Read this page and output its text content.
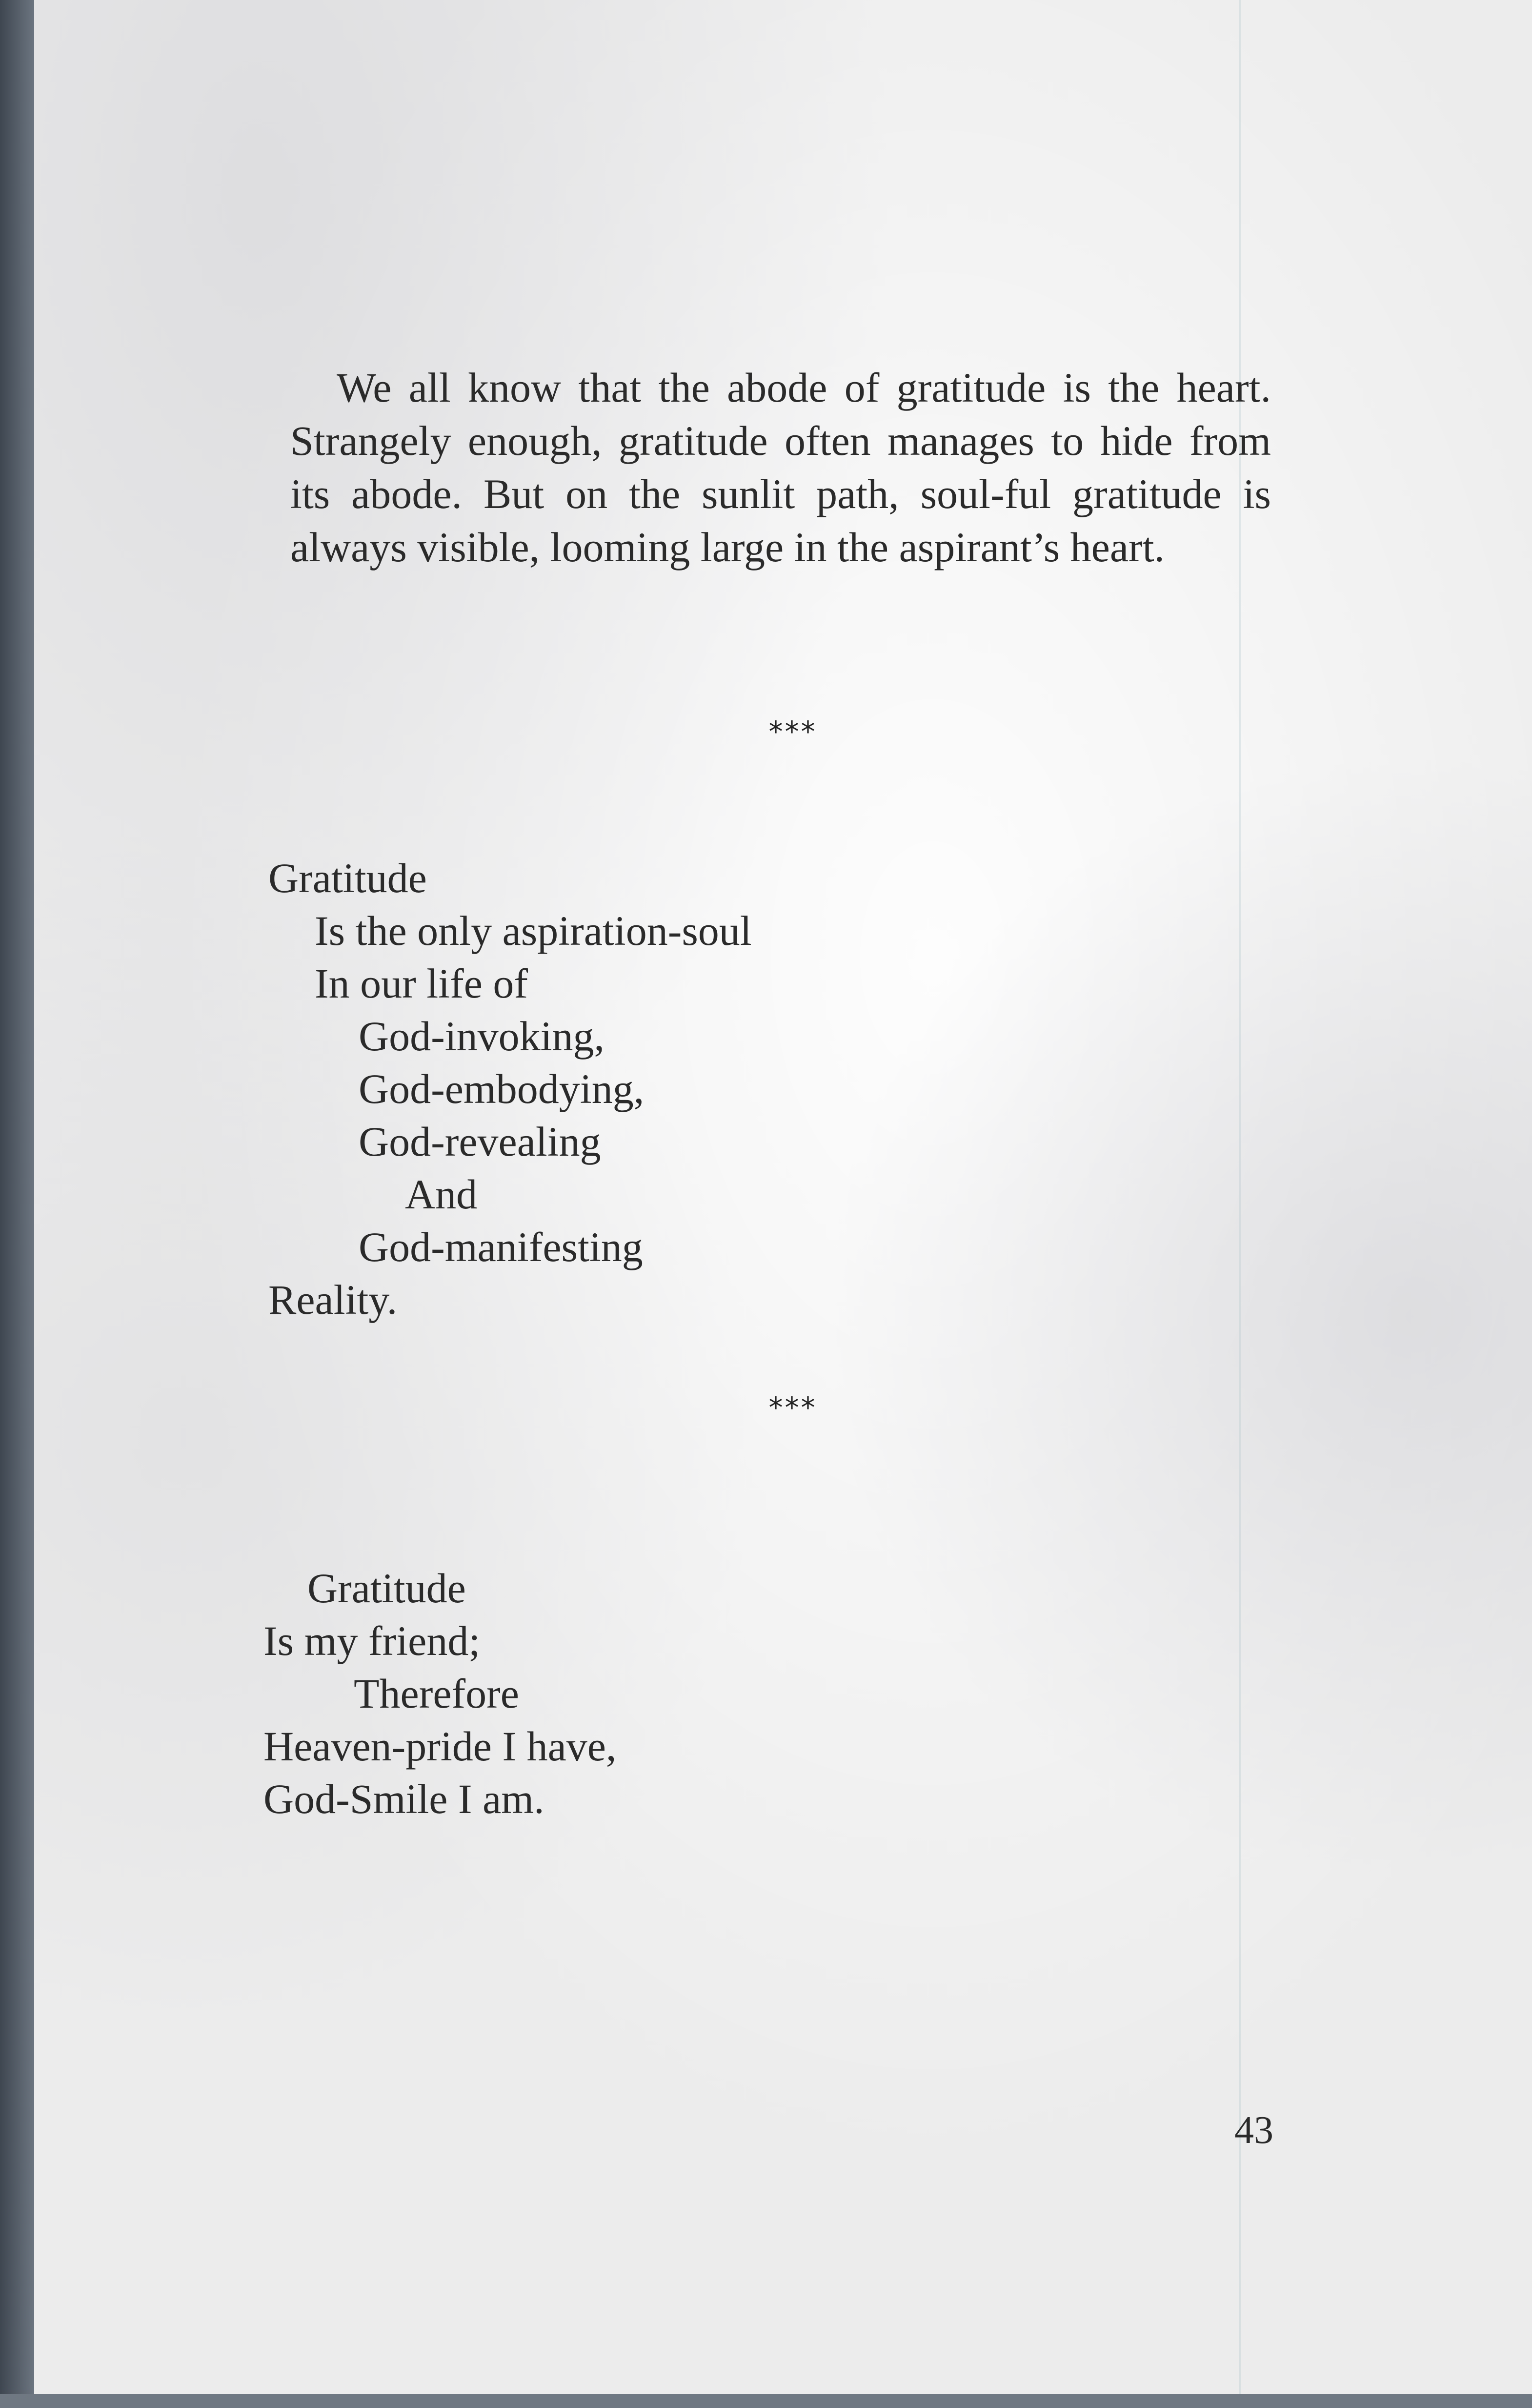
We all know that the abode of gratitude is the heart. Strangely enough, gratitude often manages to hide from its abode. But on the sunlit path, soul-ful gratitude is always visible, looming large in the aspirant’s heart.

***
Gratitude
Is the only aspiration-soul
In our life of
God-invoking,
God-embodying,
God-revealing
And
God-manifesting
Reality.
***
Gratitude
Is my friend;
Therefore
Heaven-pride I have,
God-Smile I am.
43
